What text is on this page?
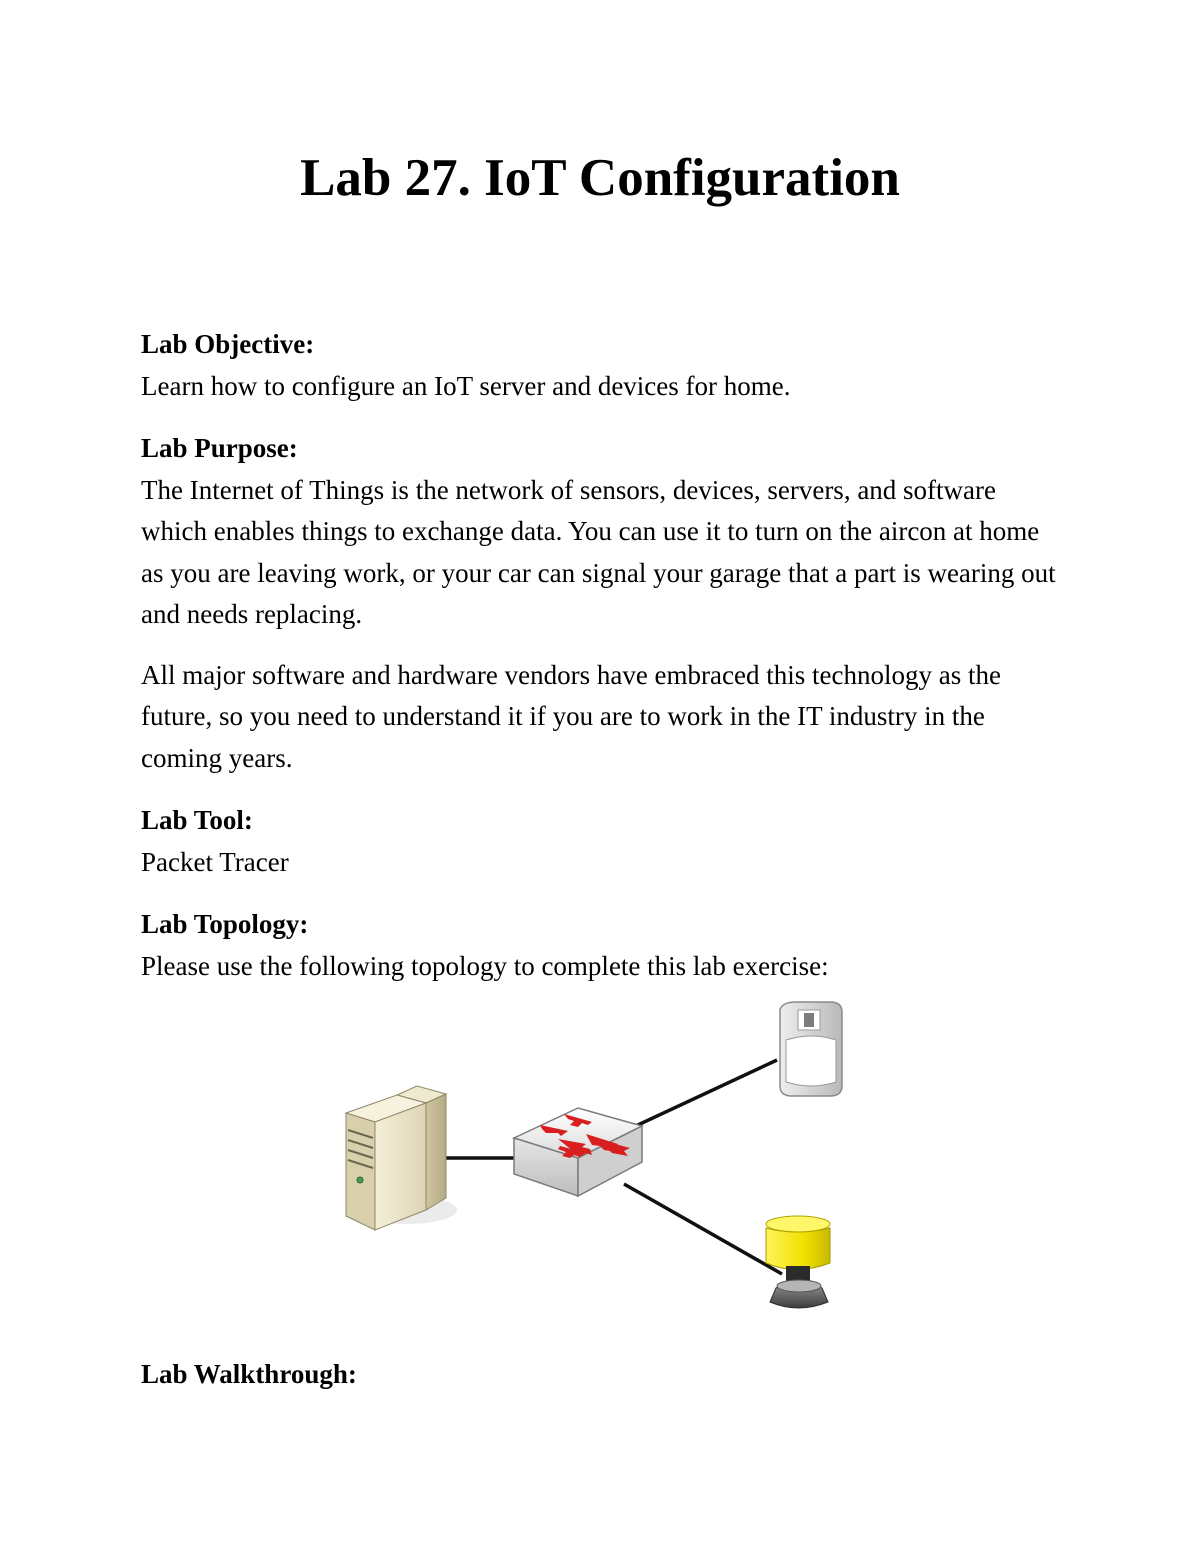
Lab 27. IoT Configuration

Lab Objective:

Learn how to configure an IoT server and devices for home.

Lab Purpose:

The Internet of Things is the network of sensors, devices, servers, and software which enables things to exchange data. You can use it to turn on the aircon at home as you are leaving work, or your car can signal your garage that a part is wearing out and needs replacing.

All major software and hardware vendors have embraced this technology as the future, so you need to understand it if you are to work in the IT industry in the coming years.

Lab Tool:

Packet Tracer

Lab Topology:

Please use the following topology to complete this lab exercise:

Lab Walkthrough:
